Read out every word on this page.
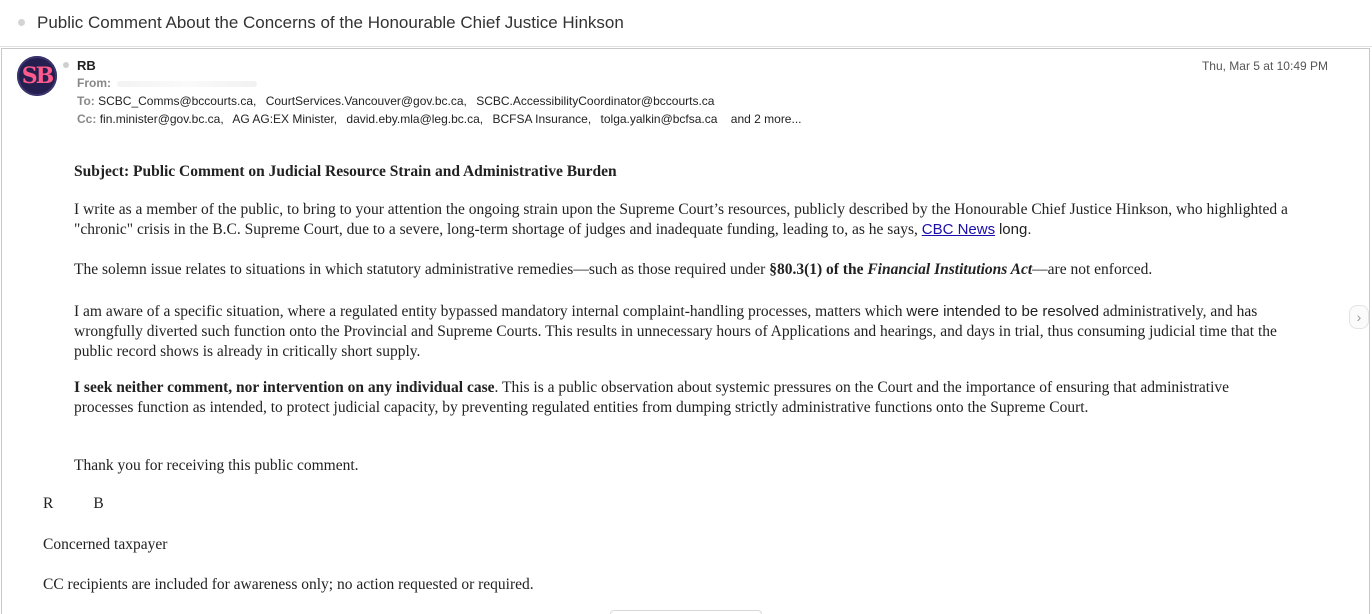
Public Comment About the Concerns of the Honourable Chief Justice Hinkson
SB	RB	Thu, Mar 5 at 10:49 PM
From:
To: SCBC_Comms@bccourts.ca, CourtServices.Vancouver@gov.bc.ca, SCBC.AccessibilityCoordinator@bccourts.ca
Cc: fin.minister@gov.bc.ca, AG AG:EX Minister, david.eby.mla@leg.bc.ca, BCFSA Insurance, tolga.yalkin@bcfsa.ca and 2 more...

Subject: Public Comment on Judicial Resource Strain and Administrative Burden

I write as a member of the public, to bring to your attention the ongoing strain upon the Supreme Court’s resources, publicly described by the Honourable Chief Justice Hinkson, who highlighted a "chronic" crisis in the B.C. Supreme Court, due to a severe, long-term shortage of judges and inadequate funding, leading to, as he says, CBC News long.

The solemn issue relates to situations in which statutory administrative remedies—such as those required under §80.3(1) of the Financial Institutions Act—are not enforced.

I am aware of a specific situation, where a regulated entity bypassed mandatory internal complaint-handling processes, matters which were intended to be resolved administratively, and has wrongfully diverted such function onto the Provincial and Supreme Courts. This results in unnecessary hours of Applications and hearings, and days in trial, thus consuming judicial time that the public record shows is already in critically short supply.

I seek neither comment, nor intervention on any individual case. This is a public observation about systemic pressures on the Court and the importance of ensuring that administrative processes function as intended, to protect judicial capacity, by preventing regulated entities from dumping strictly administrative functions onto the Supreme Court.

Thank you for receiving this public comment.

R	B
Concerned taxpayer
CC recipients are included for awareness only; no action requested or required.
›
